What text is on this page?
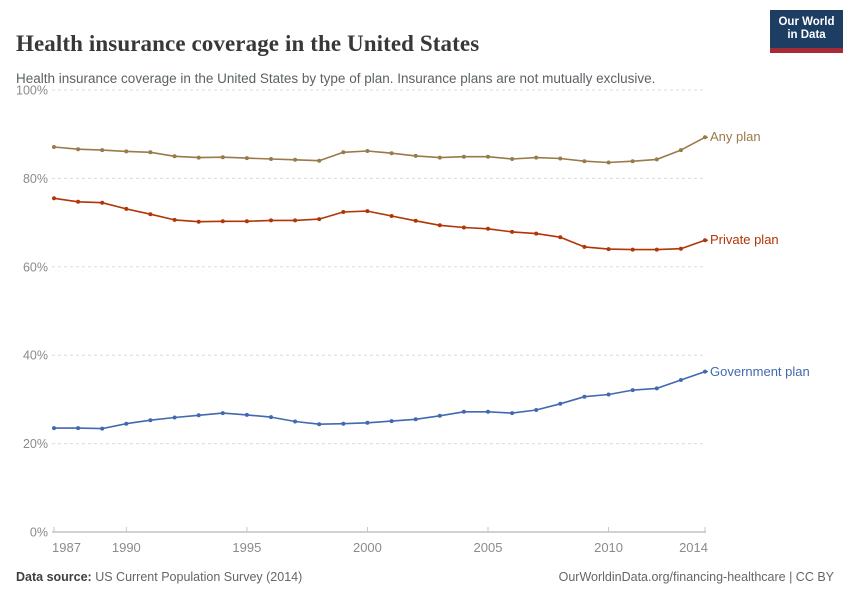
Health insurance coverage in the United States
Our World
in Data

Health insurance coverage in the United States by type of plan. Insurance plans are not mutually exclusive.

0%
20%
40%
60%
80%
100%
1987 1990	1995	2000	2005	2010	2014
Any plan
Private plan
Government plan
Data source: US Current Population Survey (2014)	OurWorldinData.org/financing-healthcare | CC BY
